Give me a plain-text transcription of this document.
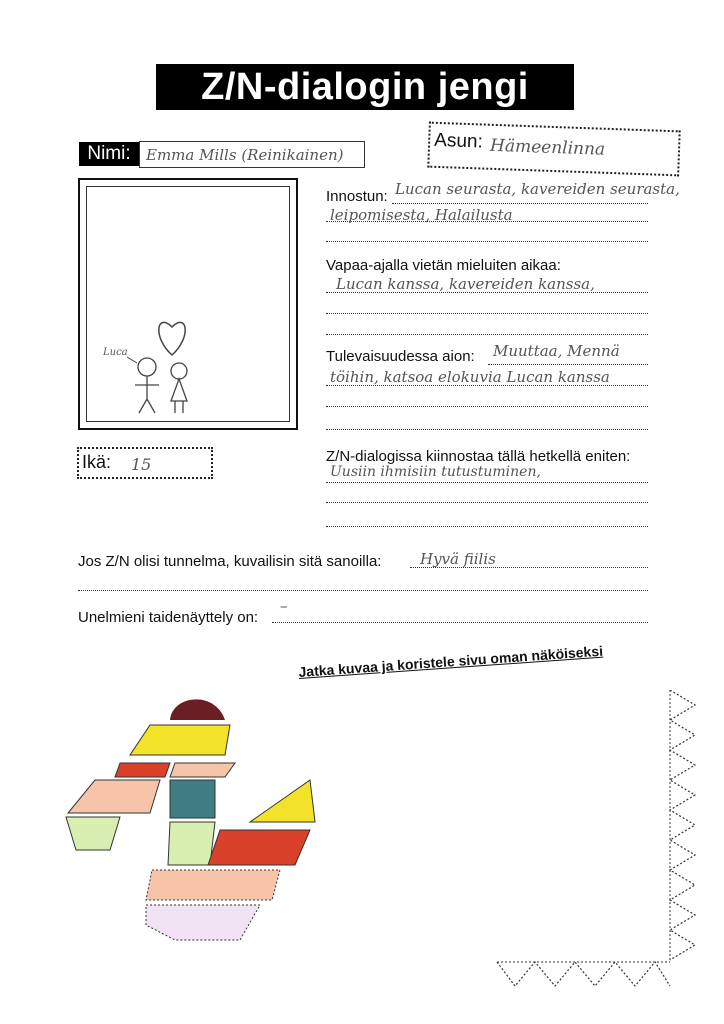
Z/N-dialogin jengi
Nimi:	Emma Mills (Reinikainen)
Asun: Hämeenlinna
Luca
Ikä: 15
Innostun: Lucan seurasta, kavereiden seurasta,
leipomisesta, Halailusta
Vapaa-ajalla vietän mieluiten aikaa:
Lucan kanssa, kavereiden kanssa,
Tulevaisuudessa aion: Muuttaa, Mennä
töihin, katsoa elokuvia Lucan kanssa
Z/N-dialogissa kiinnostaa tällä hetkellä eniten:
Uusiin ihmisiin tutustuminen,
Jos Z/N olisi tunnelma, kuvailisin sitä sanoilla:	Hyvä fiilis
Unelmieni taidenäyttely on:
–
Jatka kuvaa ja koristele sivu oman näköiseksi
